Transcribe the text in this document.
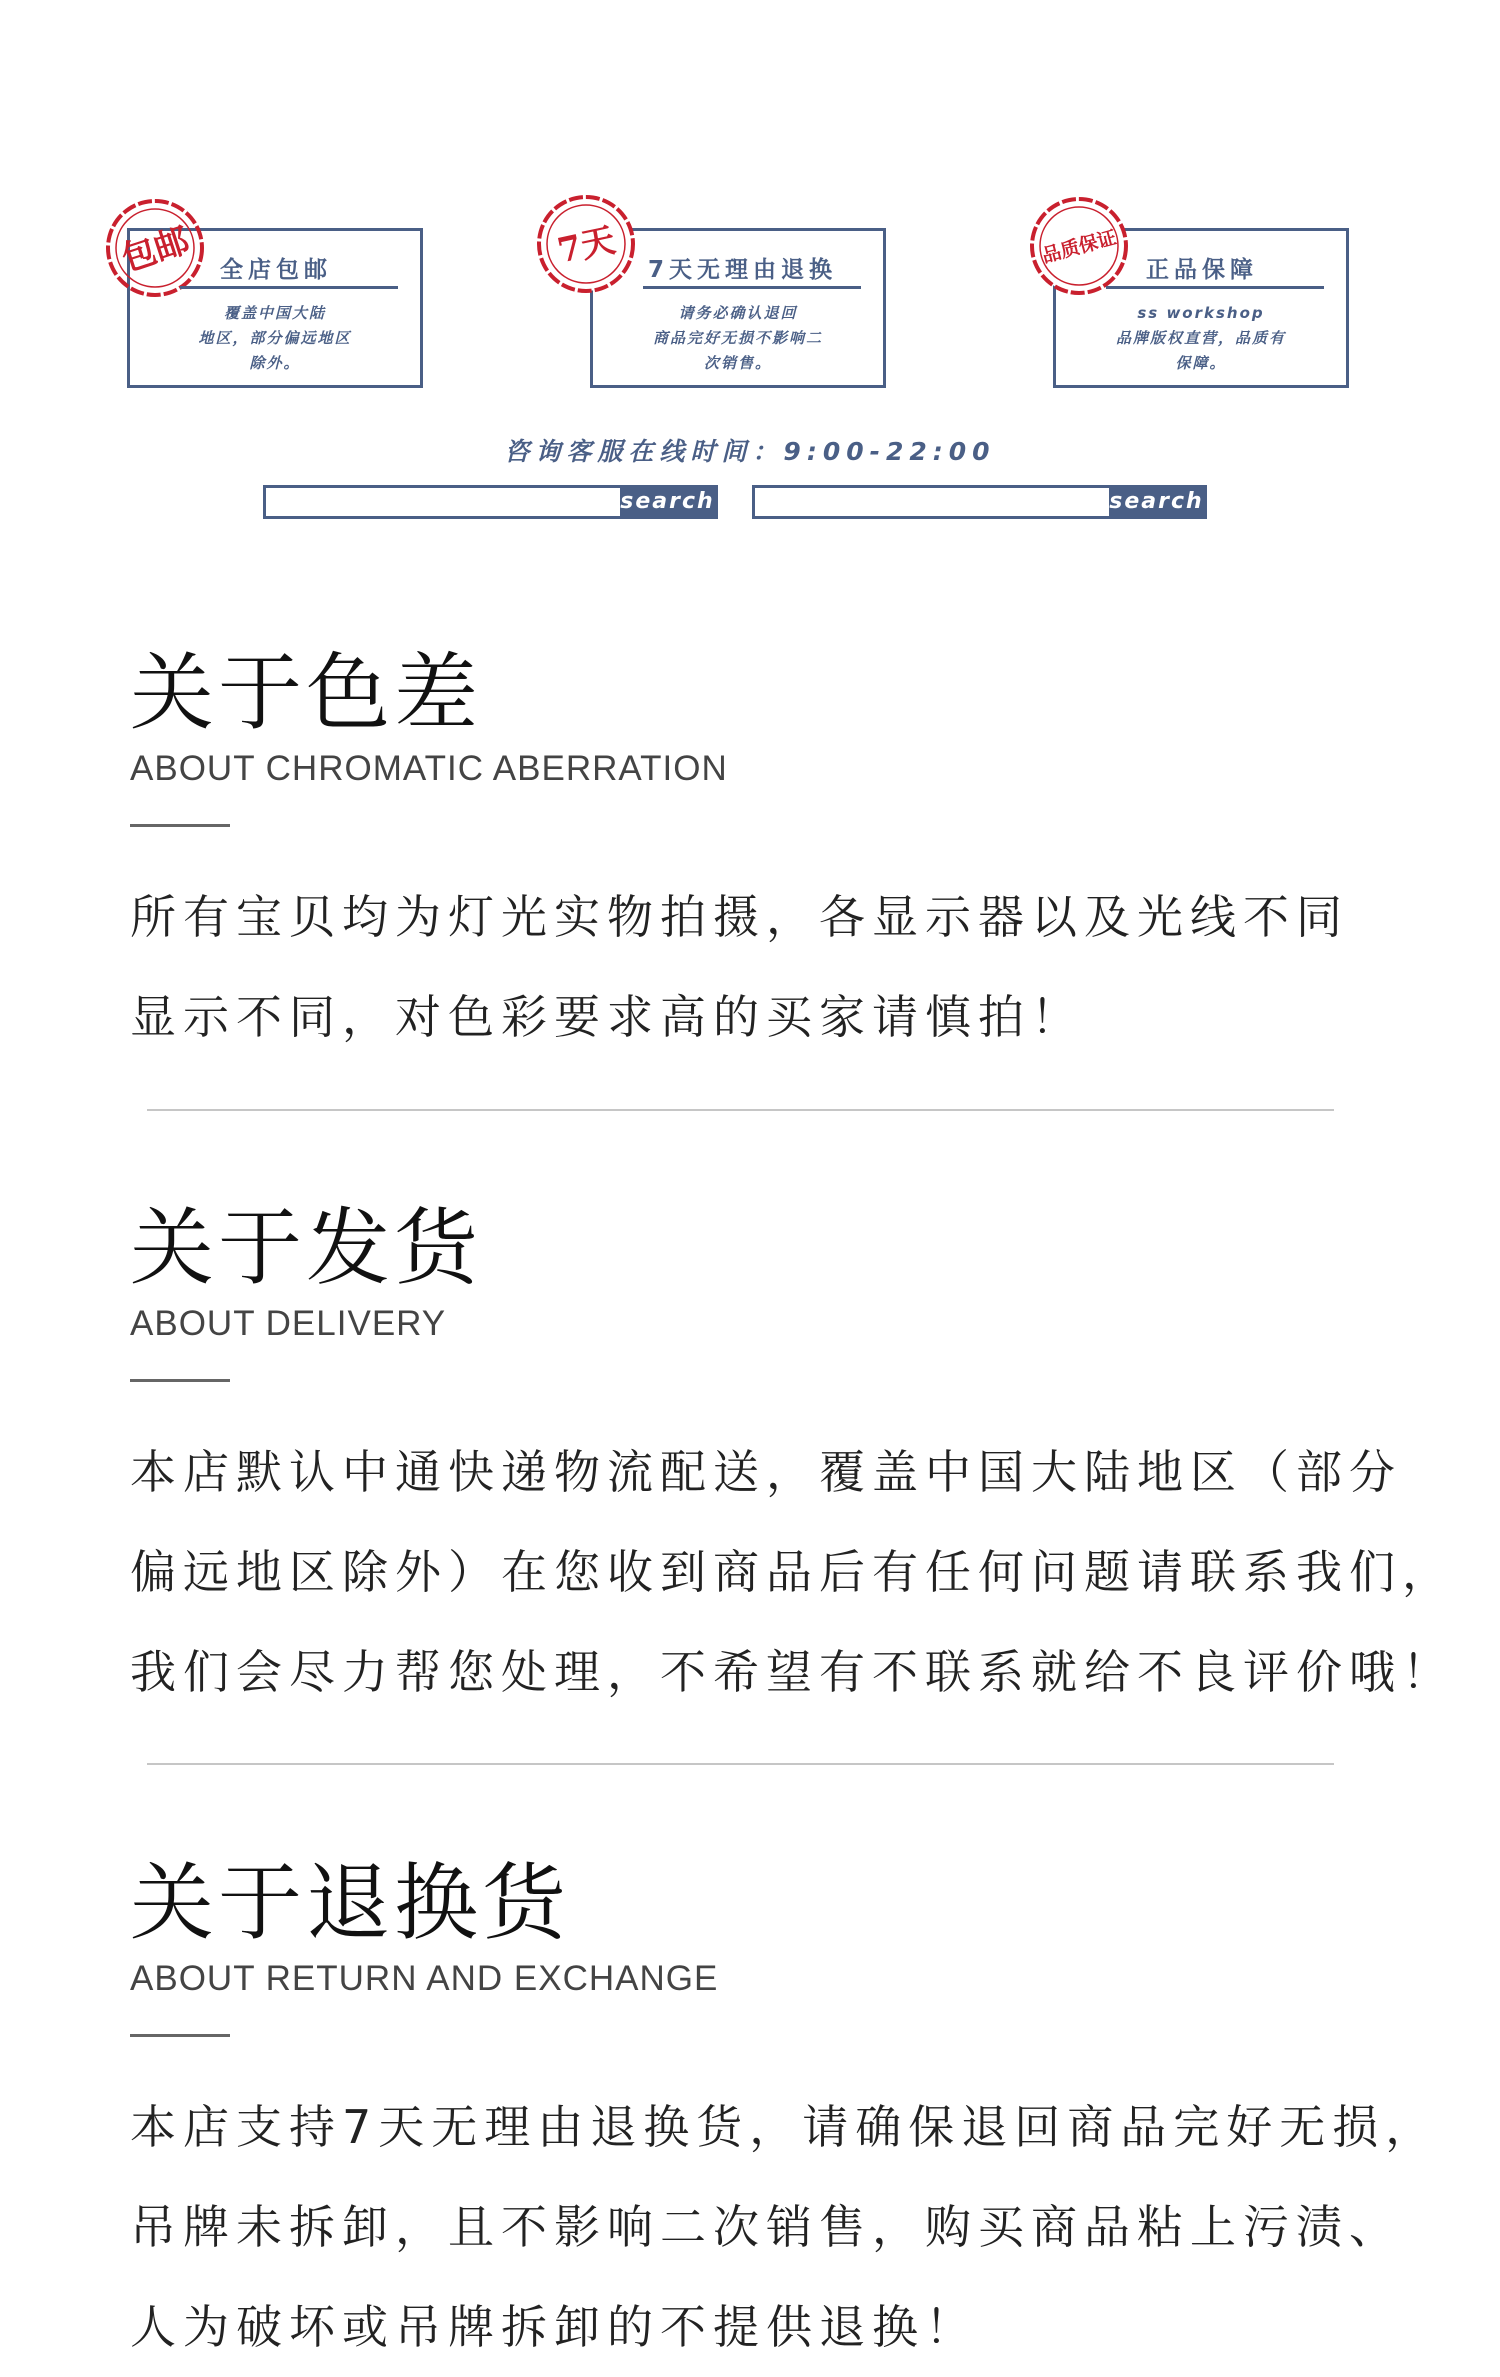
包邮 全店包邮
覆盖中国大陆
地区，部分偏远地区
除外。
7天 7天无理由退换
请务必确认退回
商品完好无损不影响二
次销售。
品质保证
正品保障
ss workshop
品牌版权直营，品质有
保障。
咨询客服在线时间：9:00-22:00
search	search
关于色差
ABOUT CHROMATIC ABERRATION
所有宝贝均为灯光实物拍摄，各显示器以及光线不同
显示不同，对色彩要求高的买家请慎拍！
关于发货
ABOUT DELIVERY
本店默认中通快递物流配送，覆盖中国大陆地区（部分
偏远地区除外）在您收到商品后有任何问题请联系我们，
我们会尽力帮您处理，不希望有不联系就给不良评价哦！
关于退换货
ABOUT RETURN AND EXCHANGE
本店支持7天无理由退换货，请确保退回商品完好无损，
吊牌未拆卸，且不影响二次销售，购买商品粘上污渍、
人为破坏或吊牌拆卸的不提供退换！
